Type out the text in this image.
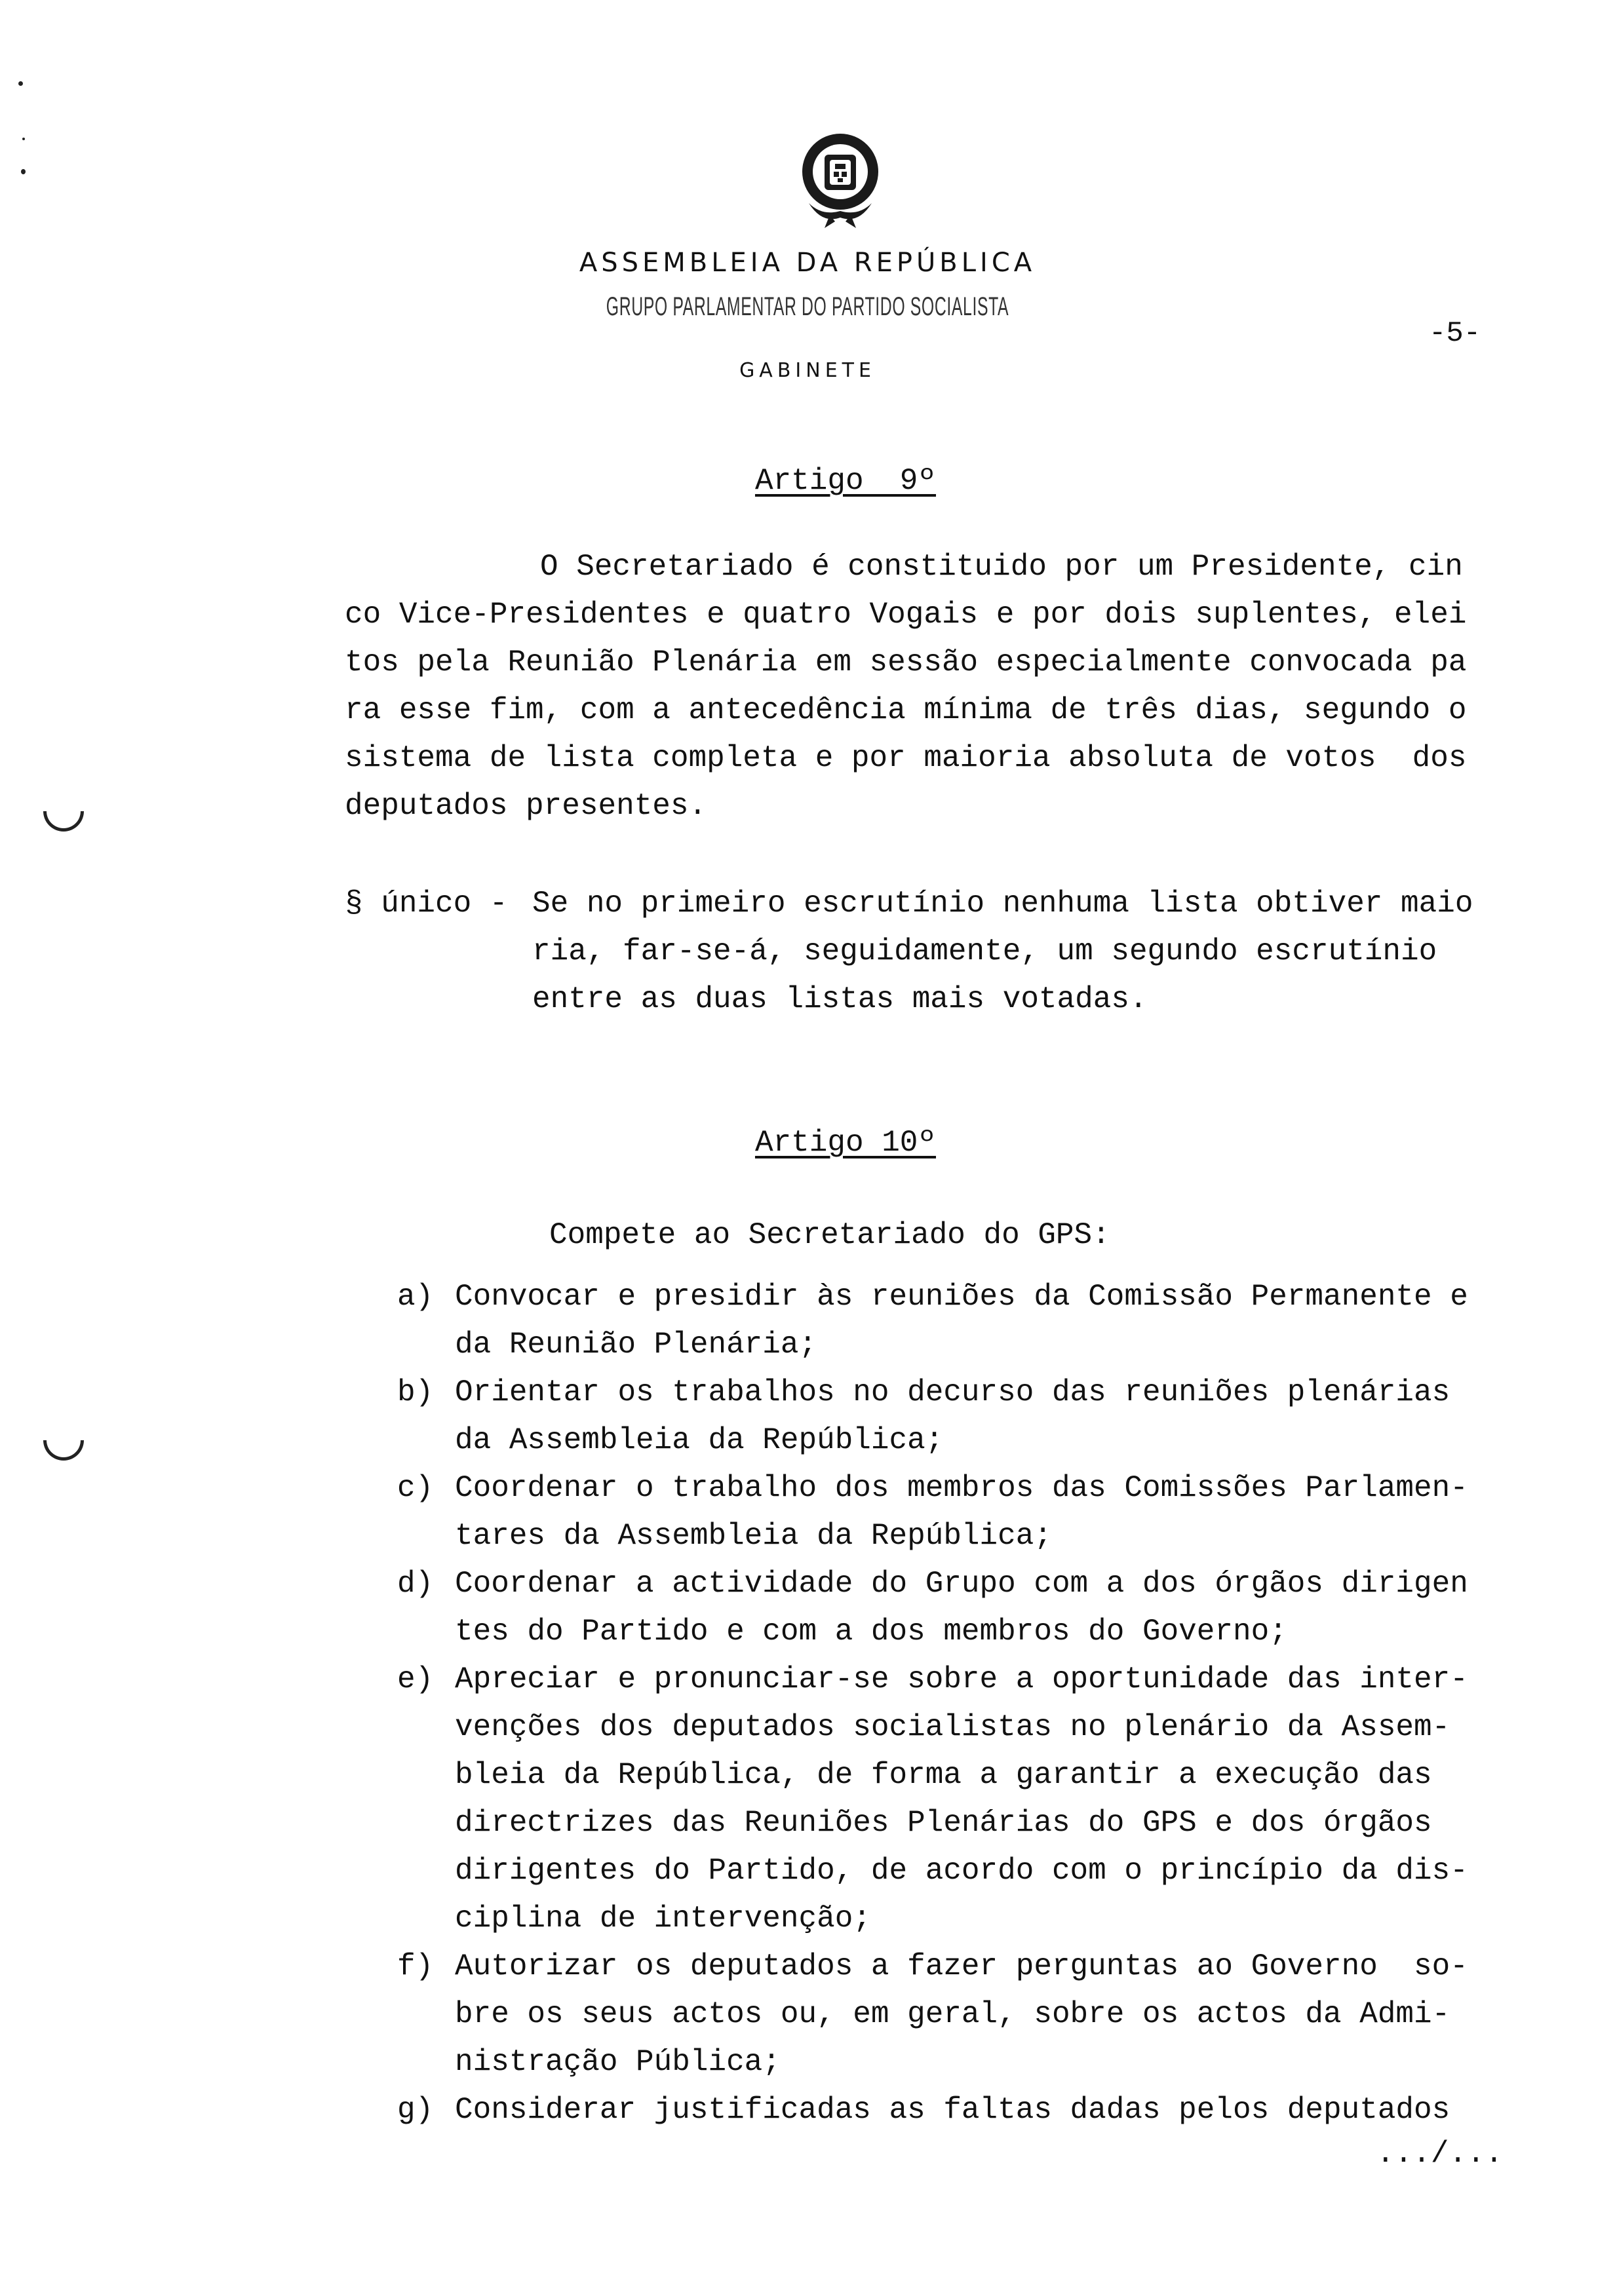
ASSEMBLEIA DA REPÚBLICA
GRUPO PARLAMENTAR DO PARTIDO SOCIALISTA
GABINETE
-5-
Artigo  9º
O Secretariado é constituido por um Presidente, cin
co Vice-Presidentes e quatro Vogais e por dois suplentes, elei
tos pela Reunião Plenária em sessão especialmente convocada pa
ra esse fim, com a antecedência mínima de três dias, segundo o
sistema de lista completa e por maioria absoluta de votos  dos
deputados presentes.
§ único - Se no primeiro escrutínio nenhuma lista obtiver maio
ria, far-se-á, seguidamente, um segundo escrutínio
entre as duas listas mais votadas.
Artigo 10º
Compete ao Secretariado do GPS:
a) Convocar e presidir às reuniões da Comissão Permanente e
da Reunião Plenária;
b) Orientar os trabalhos no decurso das reuniões plenárias
da Assembleia da República;
c) Coordenar o trabalho dos membros das Comissões Parlamen-
tares da Assembleia da República;
d) Coordenar a actividade do Grupo com a dos órgãos dirigen
tes do Partido e com a dos membros do Governo;
e) Apreciar e pronunciar-se sobre a oportunidade das inter-
venções dos deputados socialistas no plenário da Assem-
bleia da República, de forma a garantir a execução das
directrizes das Reuniões Plenárias do GPS e dos órgãos
dirigentes do Partido, de acordo com o princípio da dis-
ciplina de intervenção;
f) Autorizar os deputados a fazer perguntas ao Governo  so-
bre os seus actos ou, em geral, sobre os actos da Admi-
nistração Pública;
g) Considerar justificadas as faltas dadas pelos deputados
.../...
